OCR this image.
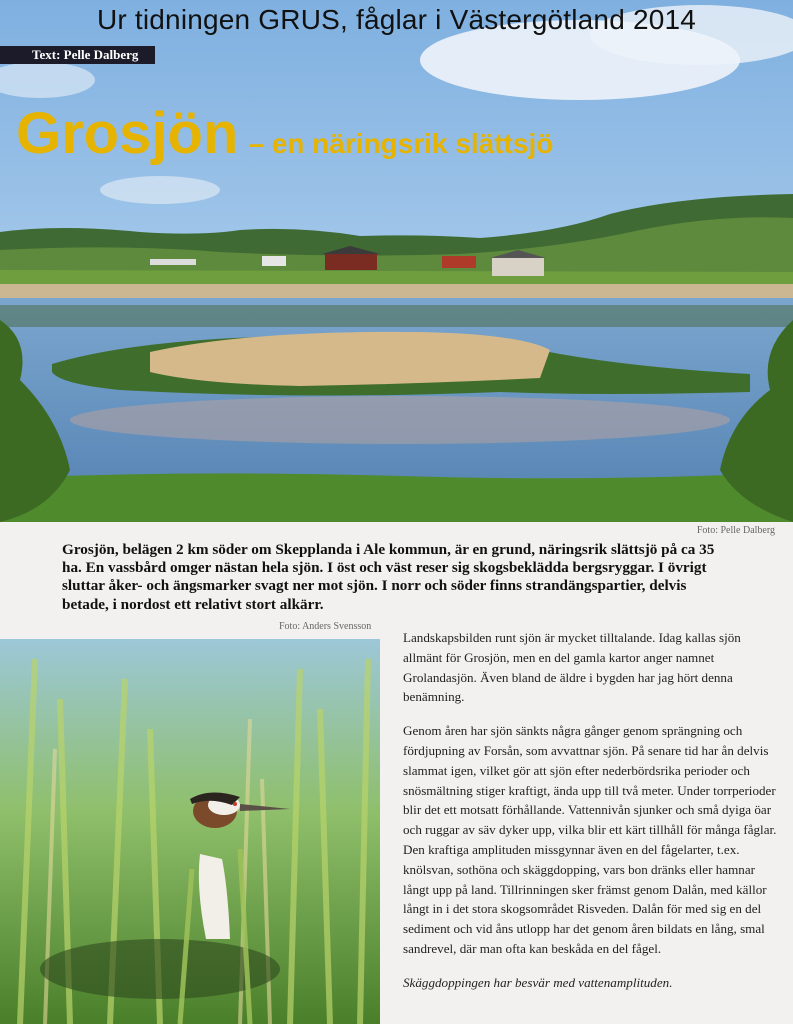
Ur tidningen GRUS, fåglar i Västergötland 2014
Text: Pelle Dalberg
Grosjön – en näringsrik slättsjö
Foto: Pelle Dalberg
Grosjön, belägen 2 km söder om Skepplanda i Ale kommun, är en grund, näringsrik slättsjö på ca 35 ha. En vassbård omger nästan hela sjön. I öst och väst reser sig skogsbeklädda bergsryggar. I övrigt sluttar åker- och ängsmarker svagt ner mot sjön. I norr och söder finns strandängspartier, delvis betade, i nordost ett relativt stort alkärr.
Foto: Anders Svensson

Landskapsbilden runt sjön är mycket tilltalande. Idag kallas sjön allmänt för Grosjön, men en del gamla kartor anger namnet Grolandasjön. Även bland de äldre i bygden har jag hört denna benämning.

Genom åren har sjön sänkts några gånger genom sprängning och fördjupning av Forsån, som avvattnar sjön. På senare tid har ån delvis slammat igen, vilket gör att sjön efter nederbördsrika perioder och snösmältning stiger kraftigt, ända upp till två meter. Under torrperioder blir det ett motsatt förhållande. Vattennivån sjunker och små dyiga öar och ruggar av säv dyker upp, vilka blir ett kärt tillhåll för många fåglar. Den kraftiga amplituden missgynnar även en del fågelarter, t.ex. knölsvan, sothöna och skäggdopping, vars bon dränks eller hamnar långt upp på land. Tillrinningen sker främst genom Dalån, med källor långt in i det stora skogsområdet Risveden. Dalån för med sig en del sediment och vid åns utlopp har det genom åren bildats en lång, smal sandrevel, där man ofta kan beskåda en del fågel.

Skäggdoppingen har besvär med vattenamplituden.
